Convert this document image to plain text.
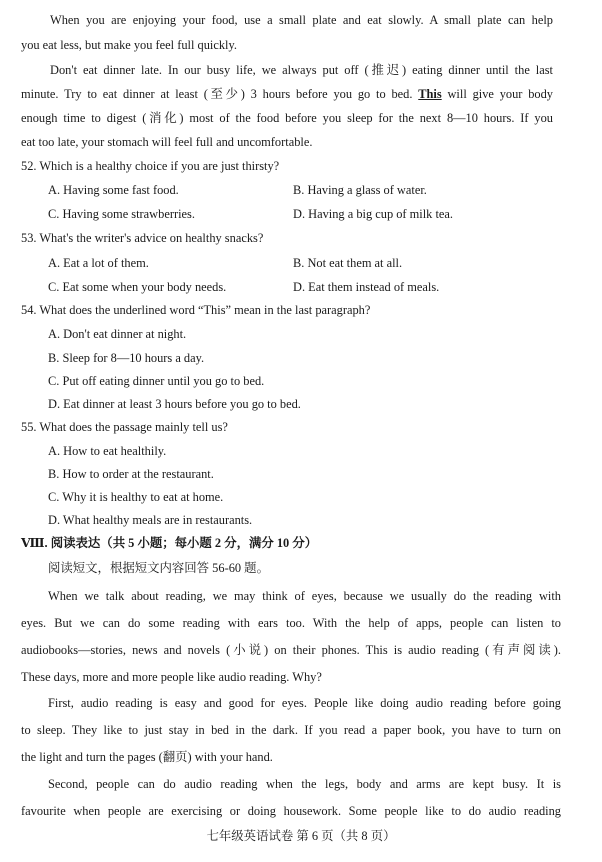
When you are enjoying your food, use a small plate and eat slowly. A small plate can help
you eat less, but make you feel full quickly.
Don't eat dinner late. In our busy life, we always put off (推迟) eating dinner until the last
minute. Try to eat dinner at least (至少) 3 hours before you go to bed. This will give your body
enough time to digest (消化) most of the food before you sleep for the next 8—10 hours. If you
eat too late, your stomach will feel full and uncomfortable.
52. Which is a healthy choice if you are just thirsty?
A. Having some fast food.	B. Having a glass of water.
C. Having some strawberries.	D. Having a big cup of milk tea.
53. What's the writer's advice on healthy snacks?
A. Eat a lot of them.	B. Not eat them at all.
C. Eat some when your body needs.	D. Eat them instead of meals.
54. What does the underlined word “This” mean in the last paragraph?
A. Don't eat dinner at night.
B. Sleep for 8—10 hours a day.
C. Put off eating dinner until you go to bed.
D. Eat dinner at least 3 hours before you go to bed.
55. What does the passage mainly tell us?
A. How to eat healthily.
B. How to order at the restaurant.
C. Why it is healthy to eat at home.
D. What healthy meals are in restaurants.
Ⅷ. 阅读表达（共 5 小题；每小题 2 分，满分 10 分）
阅读短文，根据短文内容回答 56-60 题。
When we talk about reading, we may think of eyes, because we usually do the reading with
eyes. But we can do some reading with ears too. With the help of apps, people can listen to
audiobooks—stories, news and novels (小说) on their phones. This is audio reading (有声阅读).
These days, more and more people like audio reading. Why?
First, audio reading is easy and good for eyes. People like doing audio reading before going
to sleep. They like to just stay in bed in the dark. If you read a paper book, you have to turn on
the light and turn the pages (翻页) with your hand.
Second, people can do audio reading when the legs, body and arms are kept busy. It is
favourite when people are exercising or doing housework. Some people like to do audio reading
七年级英语试卷 第 6 页（共 8 页）
